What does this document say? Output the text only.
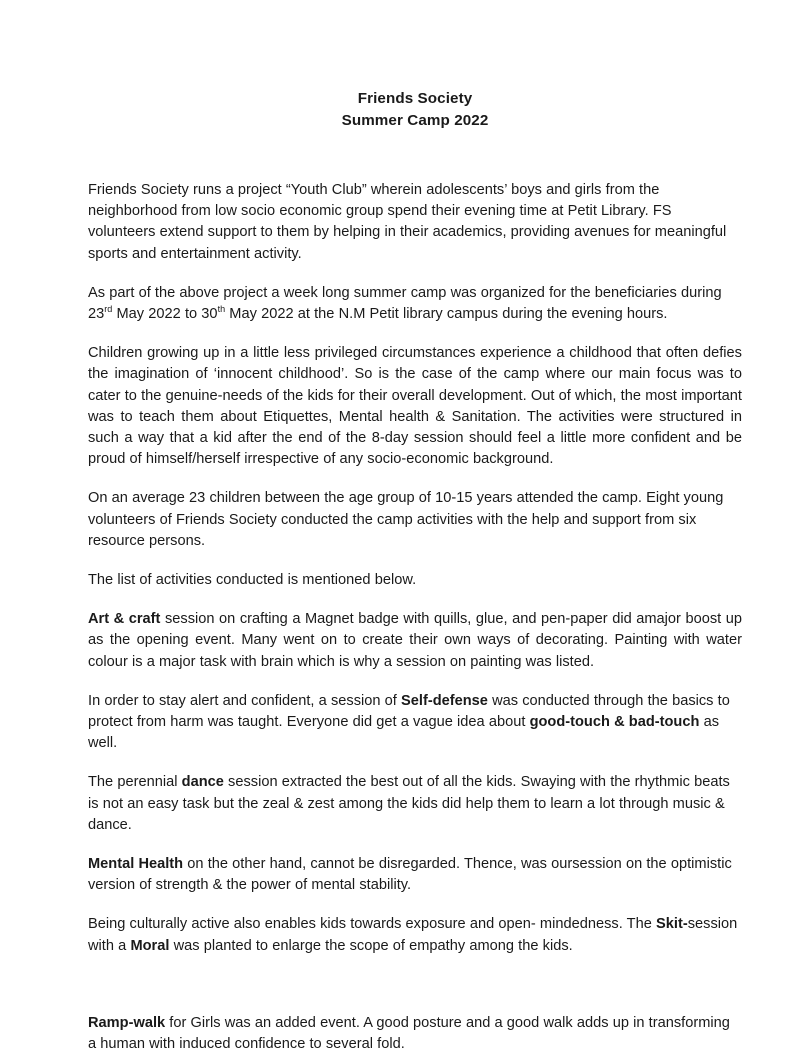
Friends Society
Summer Camp 2022

Friends Society runs a project “Youth Club” wherein adolescents’ boys and girls from the neighborhood from low socio economic group spend their evening time at Petit Library. FS volunteers extend support to them by helping in their academics, providing avenues for meaningful sports and entertainment activity.

As part of the above project a week long summer camp was organized for the beneficiaries during 23rd May 2022 to 30th May 2022 at the N.M Petit library campus during the evening hours.

Children growing up in a little less privileged circumstances experience a childhood that often defies the imagination of ‘innocent childhood’. So is the case of the camp where our main focus was to cater to the genuine-needs of the kids for their overall development. Out of which, the most important was to teach them about Etiquettes, Mental health & Sanitation. The activities were structured in such a way that a kid after the end of the 8-day session should feel a little more confident and be proud of himself/herself irrespective of any socio-economic background.

On an average 23 children between the age group of 10-15 years attended the camp. Eight young volunteers of Friends Society conducted the camp activities with the help and support from six resource persons.

The list of activities conducted is mentioned below.

Art & craft session on crafting a Magnet badge with quills, glue, and pen-paper did amajor boost up as the opening event. Many went on to create their own ways of decorating. Painting with water colour is a major task with brain which is why a session on painting was listed.

In order to stay alert and confident, a session of Self-defense was conducted through the basics to protect from harm was taught. Everyone did get a vague idea about good-touch & bad-touch as well.

The perennial dance session extracted the best out of all the kids. Swaying with the rhythmic beats is not an easy task but the zeal & zest among the kids did help them to learn a lot through music & dance.

Mental Health on the other hand, cannot be disregarded. Thence, was oursession on the optimistic version of strength & the power of mental stability.

Being culturally active also enables kids towards exposure and open- mindedness. The Skit-session with a Moral was planted to enlarge the scope of empathy among the kids.

Ramp-walk for Girls was an added event. A good posture and a good walk adds up in transforming a human with induced confidence to several fold.
